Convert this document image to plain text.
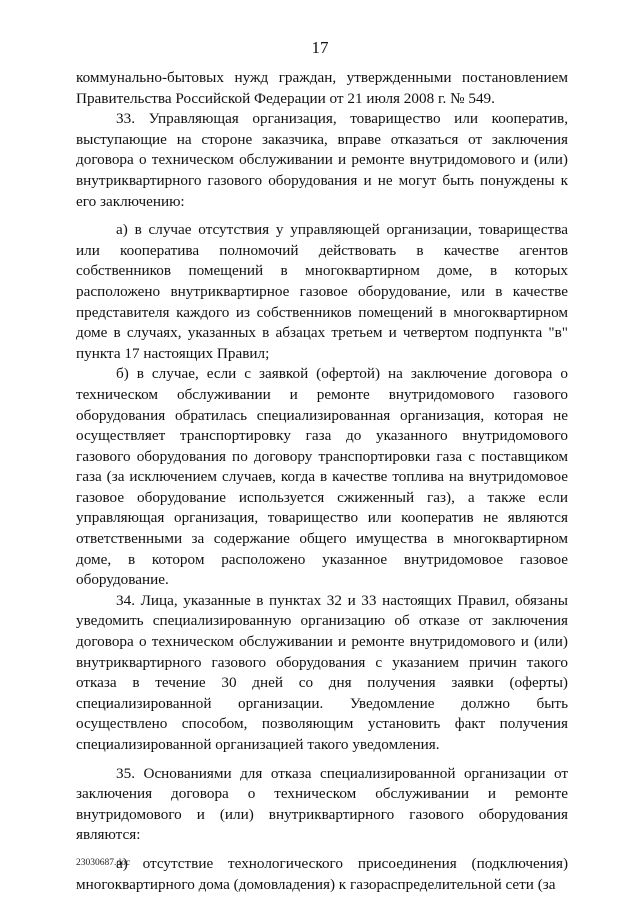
17

коммунально-бытовых нужд граждан, утвержденными постановлением Правительства Российской Федерации от 21 июля 2008 г. № 549.

33. Управляющая организация, товарищество или кооператив, выступающие на стороне заказчика, вправе отказаться от заключения договора о техническом обслуживании и ремонте внутридомового и (или) внутриквартирного газового оборудования и не могут быть понуждены к его заключению:

а) в случае отсутствия у управляющей организации, товарищества или кооператива полномочий действовать в качестве агентов собственников помещений в многоквартирном доме, в которых расположено внутриквартирное газовое оборудование, или в качестве представителя каждого из собственников помещений в многоквартирном доме в случаях, указанных в абзацах третьем и четвертом подпункта "в" пункта 17 настоящих Правил;

б) в случае, если с заявкой (офертой) на заключение договора о техническом обслуживании и ремонте внутридомового газового оборудования обратилась специализированная организация, которая не осуществляет транспортировку газа до указанного внутридомового газового оборудования по договору транспортировки газа с поставщиком газа (за исключением случаев, когда в качестве топлива на внутридомовое газовое оборудование используется сжиженный газ), а также если управляющая организация, товарищество или кооператив не являются ответственными за содержание общего имущества в многоквартирном доме, в котором расположено указанное внутридомовое газовое оборудование.

34. Лица, указанные в пунктах 32 и 33 настоящих Правил, обязаны уведомить специализированную организацию об отказе от заключения договора о техническом обслуживании и ремонте внутридомового и (или) внутриквартирного газового оборудования с указанием причин такого отказа в течение 30 дней со дня получения заявки (оферты) специализированной организации. Уведомление должно быть осуществлено способом, позволяющим установить факт получения специализированной организацией такого уведомления.

35. Основаниями для отказа специализированной организации от заключения договора о техническом обслуживании и ремонте внутридомового и (или) внутриквартирного газового оборудования являются:

а) отсутствие технологического присоединения (подключения) многоквартирного дома (домовладения) к газораспределительной сети (за

23030687.doc
